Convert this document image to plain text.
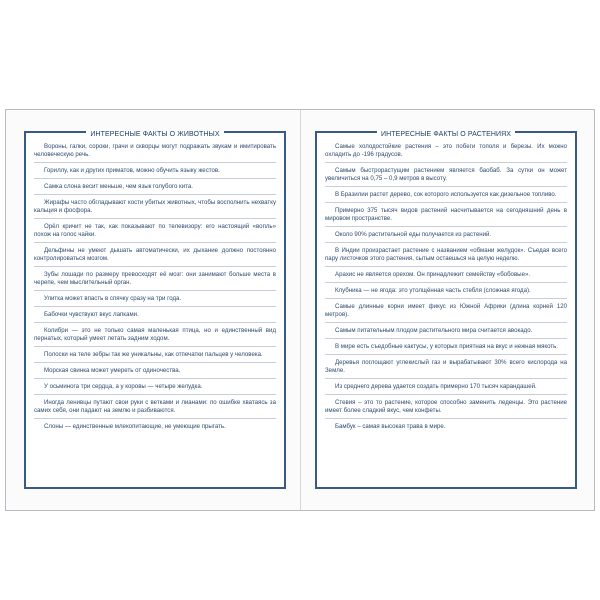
ИНТЕРЕСНЫЕ ФАКТЫ О ЖИВОТНЫХ
Вороны, галки, сороки, грачи и скворцы могут подражать звукам и имитировать человеческую речь.
Гориллу, как и других приматов, можно обучить языку жестов.
Самка слона весит меньше, чем язык голубого кита.
Жирафы часто обгладывают кости убитых животных, чтобы восполнить нехватку кальция и фосфора.
Орёл кричит не так, как показывают по телевизору: его настоящий «вопль» похож на голос чайки.
Дельфины не умеют дышать автоматически, их дыхание должно постоянно контролироваться мозгом.
Зубы лошади по размеру превосходят её мозг: они занимают больше места в черепе, чем мыслительный орган.
Улитка может впасть в спячку сразу на три года.
Бабочки чувствуют вкус лапками.
Колибри — это не только самая маленькая птица, но и единственный вид пернатых, который умеет летать задним ходом.
Полоски на теле зебры так же уникальны, как отпечатки пальцев у человека.
Морская свинка может умереть от одиночества.
У осьминога три сердца, а у коровы — четыре желудка.
Иногда ленивцы путают свои руки с ветками и лианами: по ошибке хватаясь за самих себя, они падают на землю и разбиваются.
Слоны — единственные млекопитающие, не умеющие прыгать.
ИНТЕРЕСНЫЕ ФАКТЫ О РАСТЕНИЯХ
Самые холодостойкие растения – это побеги тополя и березы. Их можно охладить до -196 градусов.
Самым быстрорастущим растением является баобаб. За сутки он может увеличиться на 0,75 – 0,9 метров в высоту.
В Бразилии растет дерево, сок которого используется как дизельное топливо.
Примерно 375 тысяч видов растений насчитывается на сегодняшний день в мировом пространстве.
Около 90% растительной еды получается из растений.
В Индии произрастает растение с названием «обмани желудок». Съедая всего пару листочков этого растения, сытым остаешься на целую неделю.
Арахис не является орехом. Он принадлежит семейству «бобовые».
Клубника — не ягода: это утолщённая часть стебля (сложная ягода).
Самые длинные корни имеет фикус из Южной Африки (длина корней 120 метров).
Самым питательным плодом растительного мира считается авокадо.
В мире есть съедобные кактусы, у которых приятная на вкус и нежная мякоть.
Деревья поглощают углекислый газ и вырабатывают 30% всего кислорода на Земле.
Из среднего дерева удается создать примерно 170 тысяч карандашей.
Стевия – это то растение, которое способно заменить леденцы. Это растение имеет более сладкий вкус, чем конфеты.
Бамбук – самая высокая трава в мире.
